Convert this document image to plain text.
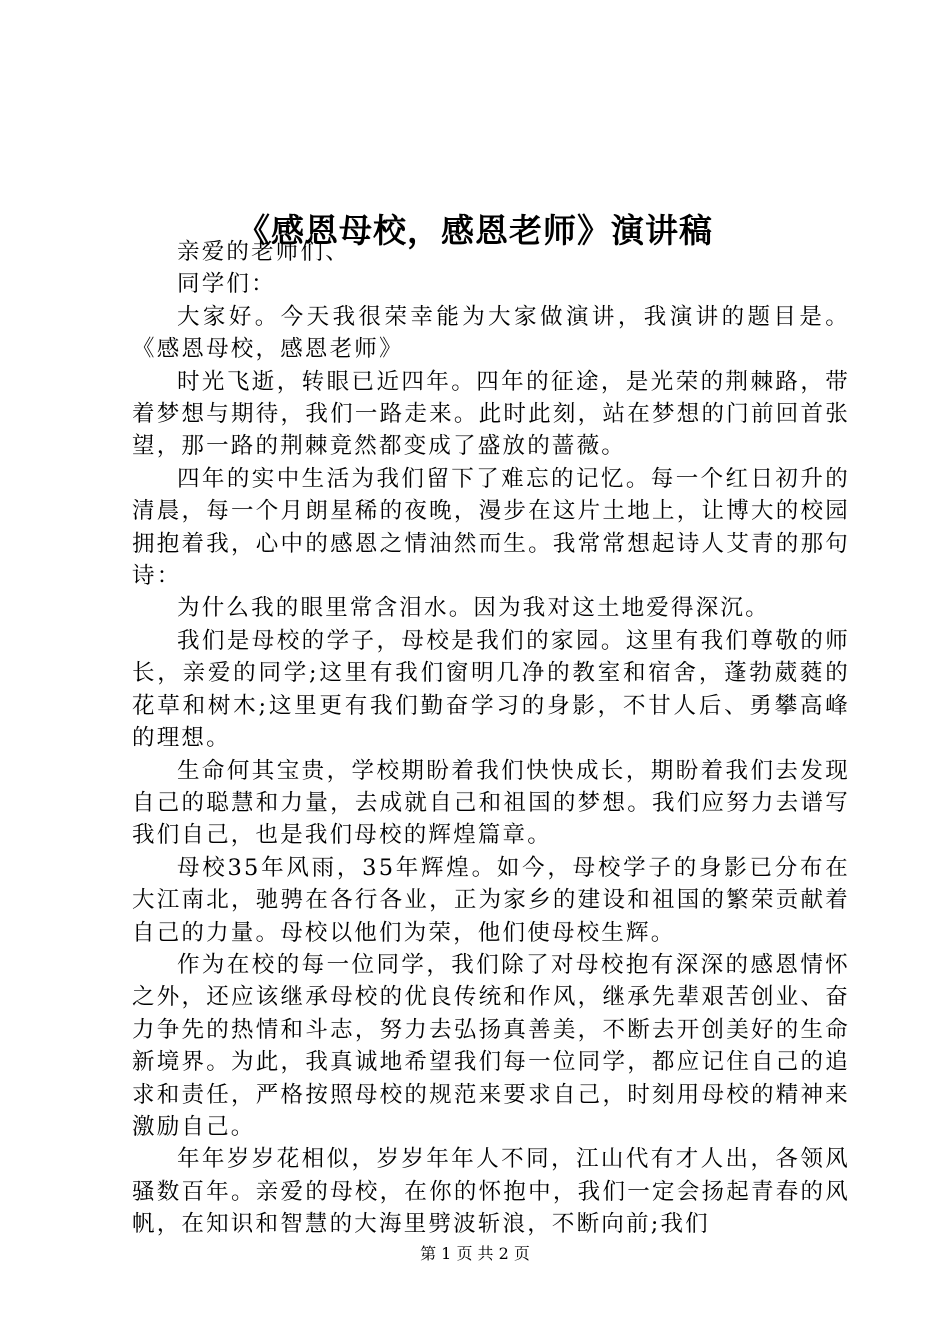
《感恩母校，感恩老师》演讲稿

亲爱的老师们、

同学们：

大家好。今天我很荣幸能为大家做演讲，我演讲的题目是。《感恩母校，感恩老师》

时光飞逝，转眼已近四年。四年的征途，是光荣的荆棘路，带着梦想与期待，我们一路走来。此时此刻，站在梦想的门前回首张望，那一路的荆棘竟然都变成了盛放的蔷薇。

四年的实中生活为我们留下了难忘的记忆。每一个红日初升的清晨，每一个月朗星稀的夜晚，漫步在这片土地上，让博大的校园拥抱着我，心中的感恩之情油然而生。我常常想起诗人艾青的那句诗：

为什么我的眼里常含泪水。因为我对这土地爱得深沉。

我们是母校的学子，母校是我们的家园。这里有我们尊敬的师长，亲爱的同学;这里有我们窗明几净的教室和宿舍，蓬勃葳蕤的花草和树木;这里更有我们勤奋学习的身影，不甘人后、勇攀高峰的理想。

生命何其宝贵，学校期盼着我们快快成长，期盼着我们去发现自己的聪慧和力量，去成就自己和祖国的梦想。我们应努力去谱写我们自己，也是我们母校的辉煌篇章。

母校35年风雨，35年辉煌。如今，母校学子的身影已分布在大江南北，驰骋在各行各业，正为家乡的建设和祖国的繁荣贡献着自己的力量。母校以他们为荣，他们使母校生辉。

作为在校的每一位同学，我们除了对母校抱有深深的感恩情怀之外，还应该继承母校的优良传统和作风，继承先辈艰苦创业、奋力争先的热情和斗志，努力去弘扬真善美，不断去开创美好的生命新境界。为此，我真诚地希望我们每一位同学，都应记住自己的追求和责任，严格按照母校的规范来要求自己，时刻用母校的精神来激励自己。

年年岁岁花相似，岁岁年年人不同，江山代有才人出，各领风骚数百年。亲爱的母校，在你的怀抱中，我们一定会扬起青春的风帆，在知识和智慧的大海里劈波斩浪，不断向前;我们

第 1 页 共 2 页
